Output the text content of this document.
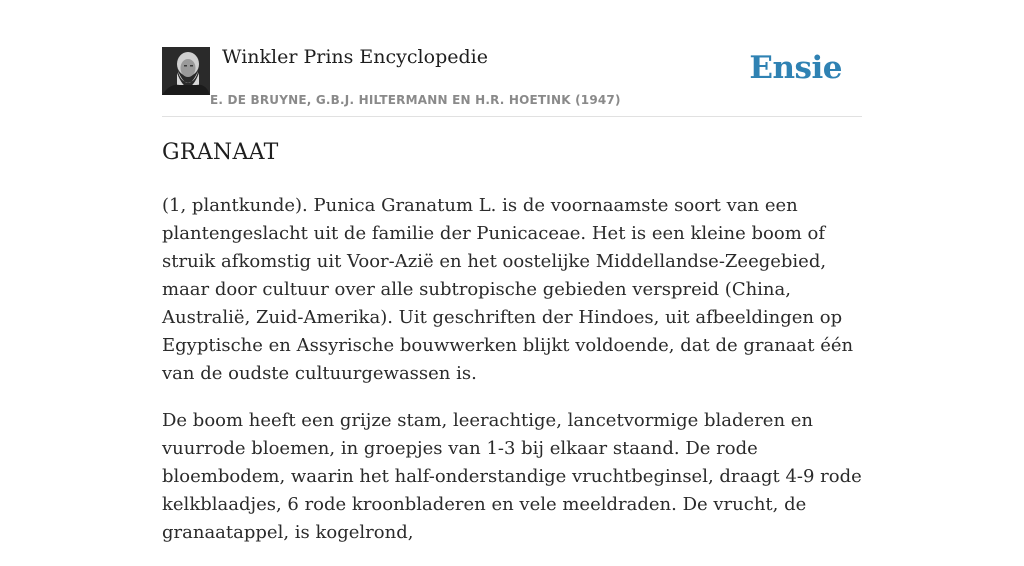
Winkler Prins Encyclopedie
E. DE BRUYNE, G.B.J. HILTERMANN EN H.R. HOETINK (1947)
Ensie
GRANAAT

(1, plantkunde). Punica Granatum L. is de voornaamste soort van een plantengeslacht uit de familie der Punicaceae. Het is een kleine boom of struik afkomstig uit Voor-Azië en het oostelijke Middellandse-Zeegebied, maar door cultuur over alle subtropische gebieden verspreid (China, Australië, Zuid-Amerika). Uit geschriften der Hindoes, uit afbeeldingen op Egyptische en Assyrische bouwwerken blijkt voldoende, dat de granaat één van de oudste cultuurgewassen is.

De boom heeft een grijze stam, leerachtige, lancetvormige bladeren en vuurrode bloemen, in groepjes van 1-3 bij elkaar staand. De rode bloembodem, waarin het half-onderstandige vruchtbeginsel, draagt 4-9 rode kelkblaadjes, 6 rode kroonbladeren en vele meeldraden. De vrucht, de granaatappel, is kogelrond,
